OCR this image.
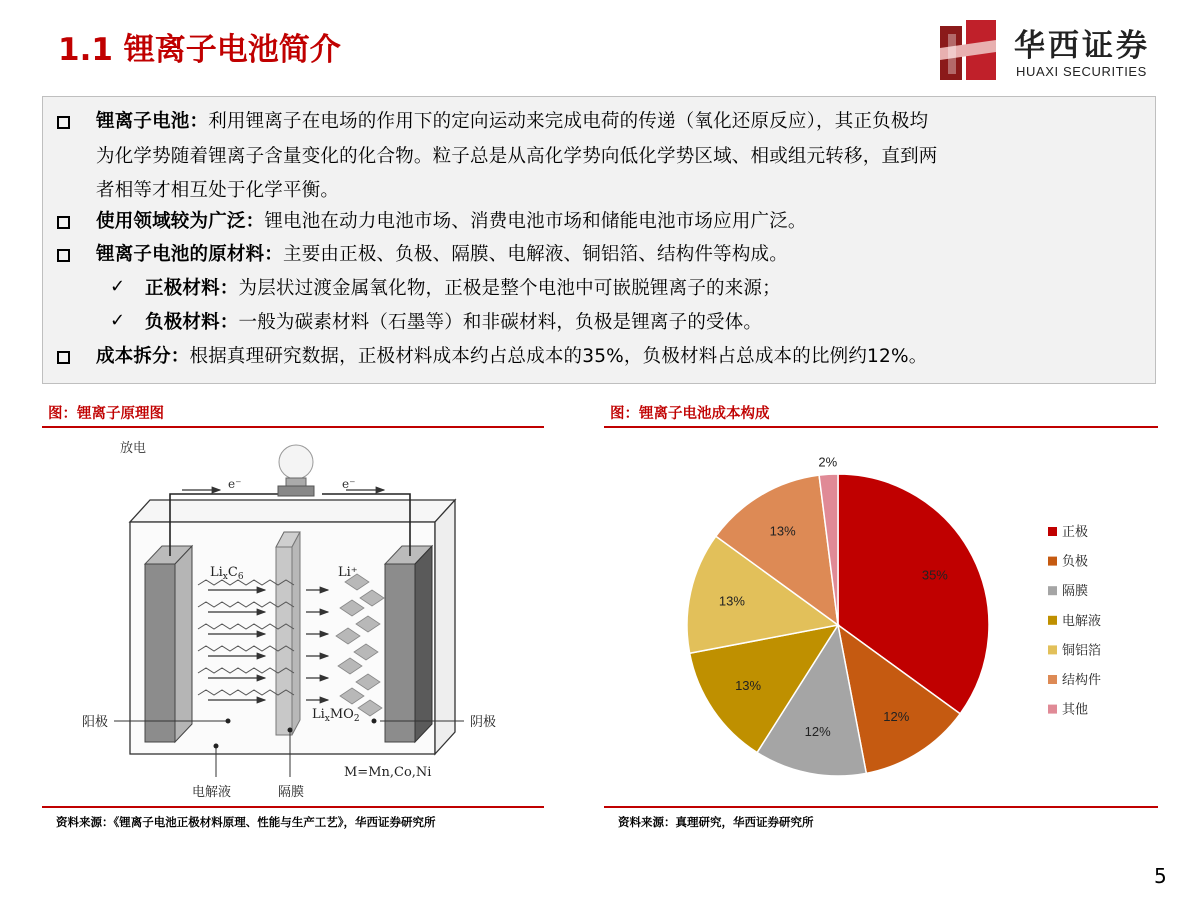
1.1 锂离子电池简介	华西证券
HUAXI SECURITIES
锂离子电池：利用锂离子在电场的作用下的定向运动来完成电荷的传递（氧化还原反应），其正负极均
为化学势随着锂离子含量变化的化合物。粒子总是从高化学势向低化学势区域、相或组元转移，直到两
者相等才相互处于化学平衡。
使用领域较为广泛：锂电池在动力电池市场、消费电池市场和储能电池市场应用广泛。
锂离子电池的原材料：主要由正极、负极、隔膜、电解液、铜铝箔、结构件等构成。
✓ 正极材料：为层状过渡金属氧化物，正极是整个电池中可嵌脱锂离子的来源；
✓ 负极材料：一般为碳素材料（石墨等）和非碳材料，负极是锂离子的受体。
成本拆分：根据真理研究数据，正极材料成本约占总成本的35%，负极材料占总成本的比例约12%。
图：锂离子原理图
e⁻	e⁻
放电
$Li_xC_6$	Li⁺
$Li_xMO_2$
阳极	阴极
电解液	隔膜
M=Mn,Co,Ni
资料来源：《锂离子电池正极材料原理、性能与生产工艺》，华西证券研究所
图：锂离子电池成本构成
35%
12%
12%
13%
13%
13%
2%
正极
负极
隔膜
电解液
铜铝箔
结构件
其他
资料来源：真理研究，华西证券研究所
5
